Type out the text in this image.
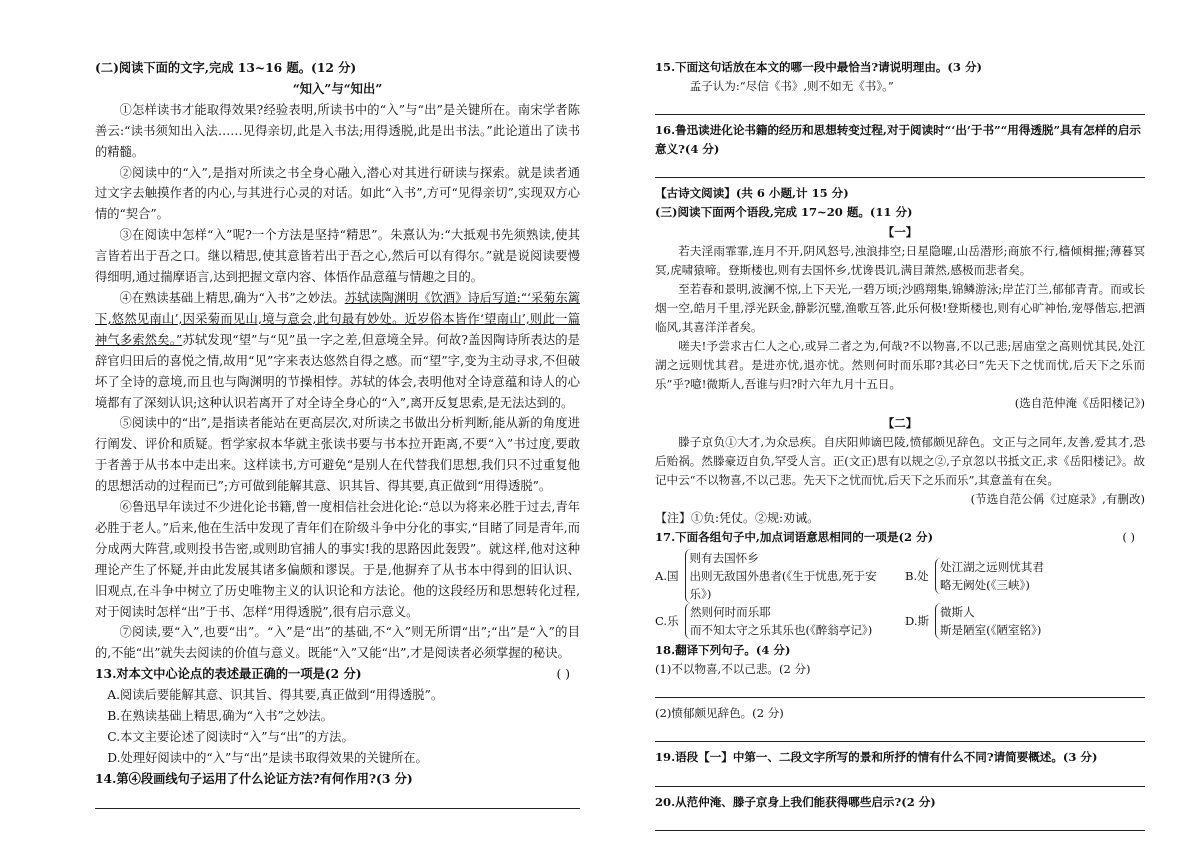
(二)阅读下面的文字,完成 13~16 题。(12 分)

“知入”与“知出”

①怎样读书才能取得效果?经验表明,所读书中的“入”与“出”是关键所在。南宋学者陈善云:“读书须知出入法……见得亲切,此是入书法;用得透脱,此是出书法。”此论道出了读书的精髓。

②阅读中的“入”,是指对所读之书全身心融入,潜心对其进行研读与探索。就是读者通过文字去触摸作者的内心,与其进行心灵的对话。如此“入书”,方可“见得亲切”,实现双方心情的“契合”。

③在阅读中怎样“入”呢?一个方法是坚持“精思”。朱熹认为:“大抵观书先须熟读,使其言皆若出于吾之口。继以精思,使其意皆若出于吾之心,然后可以有得尔。”就是说阅读要慢得细明,通过揣摩语言,达到把握文章内容、体悟作品意蕴与情趣之目的。

④在熟读基础上精思,确为“入书”之妙法。苏轼读陶渊明《饮酒》诗后写道:“‘采菊东篱下,悠然见南山’,因采菊而见山,境与意会,此句最有妙处。近岁俗本皆作‘望南山’,则此一篇神气多索然矣。”苏轼发现“望”与“见”虽一字之差,但意境全异。何故?盖因陶诗所表达的是辞官归田后的喜悦之情,故用“见”字来表达悠然自得之感。而“望”字,变为主动寻求,不但破坏了全诗的意境,而且也与陶渊明的节操相悖。苏轼的体会,表明他对全诗意蕴和诗人的心境都有了深刻认识;这种认识若离开了对全诗全身心的“入”,离开反复思索,是无法达到的。

⑤阅读中的“出”,是指读者能站在更高层次,对所读之书做出分析判断,能从新的角度进行阐发、评价和质疑。哲学家叔本华就主张读书要与书本拉开距离,不要“入”书过度,要敢于者善于从书本中走出来。这样读书,方可避免“是别人在代替我们思想,我们只不过重复他的思想活动的过程而已”;方可做到能解其意、识其旨、得其要,真正做到“用得透脱”。

⑥鲁迅早年读过不少进化论书籍,曾一度相信社会进化论:“总以为将来必胜于过去,青年必胜于老人。”后来,他在生活中发现了青年们在阶级斗争中分化的事实,“目睹了同是青年,而分成两大阵营,或则投书告密,或则助官捕人的事实!我的思路因此轰毁”。就这样,他对这种理论产生了怀疑,并由此发展其诸多偏颇和谬误。于是,他摒弃了从书本中得到的旧认识、旧观点,在斗争中树立了历史唯物主义的认识论和方法论。他的这段经历和思想转化过程,对于阅读时怎样“出”于书、怎样“用得透脱”,很有启示意义。

⑦阅读,要“入”,也要“出”。“入”是“出”的基础,不“入”则无所谓“出”;“出”是“入”的目的,不能“出”就失去阅读的价值与意义。既能“入”又能“出”,才是阅读者必须掌握的秘诀。

13.对本文中心论点的表述最正确的一项是(2 分)	( )

A.阅读后要能解其意、识其旨、得其要,真正做到“用得透脱”。

B.在熟读基础上精思,确为“入书”之妙法。

C.本文主要论述了阅读时“入”与“出”的方法。

D.处理好阅读中的“入”与“出”是读书取得效果的关键所在。

14.第④段画线句子运用了什么论证方法?有何作用?(3 分)

15.下面这句话放在本文的哪一段中最恰当?请说明理由。(3 分)

孟子认为:“尽信《书》,则不如无《书》。”

16.鲁迅读进化论书籍的经历和思想转变过程,对于阅读时“‘出’于书”“用得透脱”具有怎样的启示意义?(4 分)

【古诗文阅读】(共 6 小题,计 15 分)

(三)阅读下面两个语段,完成 17~20 题。(11 分)

【一】

若夫淫雨霏霏,连月不开,阴风怒号,浊浪排空;日星隐曜,山岳潜形;商旅不行,樯倾楫摧;薄暮冥冥,虎啸猿啼。登斯楼也,则有去国怀乡,忧谗畏讥,满目萧然,感极而悲者矣。

至若春和景明,波澜不惊,上下天光,一碧万顷;沙鸥翔集,锦鳞游泳;岸芷汀兰,郁郁青青。而或长烟一空,皓月千里,浮光跃金,静影沉璧,渔歌互答,此乐何极!登斯楼也,则有心旷神怡,宠辱偕忘,把酒临风,其喜洋洋者矣。

嗟夫!予尝求古仁人之心,或异二者之为,何哉?不以物喜,不以己悲;居庙堂之高则忧其民,处江湖之远则忧其君。是进亦忧,退亦忧。然则何时而乐耶?其必曰“先天下之忧而忧,后天下之乐而乐”乎?噫!微斯人,吾谁与归?时六年九月十五日。

(选自范仲淹《岳阳楼记》)

【二】

滕子京负①大才,为众忌疾。自庆阳帅谪巴陵,愤郁颇见辞色。文正与之同年,友善,爱其才,恐后贻祸。然滕豪迈自负,罕受人言。正(文正)思有以规之②,子京忽以书抵文正,求《岳阳楼记》。故记中云“不以物喜,不以己悲。先天下之忧而忧,后天下之乐而乐”,其意盖有在矣。

(节选自范公偁《过庭录》,有删改)

【注】①负:凭仗。②规:劝诫。

17.下面各组句子中,加点词语意思相同的一项是(2 分)	( )
A.国
则有去国怀乡
出则无敌国外患者(《生于忧患,死于安乐》)
B.处
处江湖之远则忧其君
略无阙处(《三峡》)
C.乐
然则何时而乐耶
而不知太守之乐其乐也(《醉翁亭记》)
D.斯
微斯人
斯是陋室(《陋室铭》)

18.翻译下列句子。(4 分)

(1)不以物喜,不以己悲。(2 分)

(2)愤郁颇见辞色。(2 分)

19.语段【一】中第一、二段文字所写的景和所抒的情有什么不同?请简要概述。(3 分)

20.从范仲淹、滕子京身上我们能获得哪些启示?(2 分)
